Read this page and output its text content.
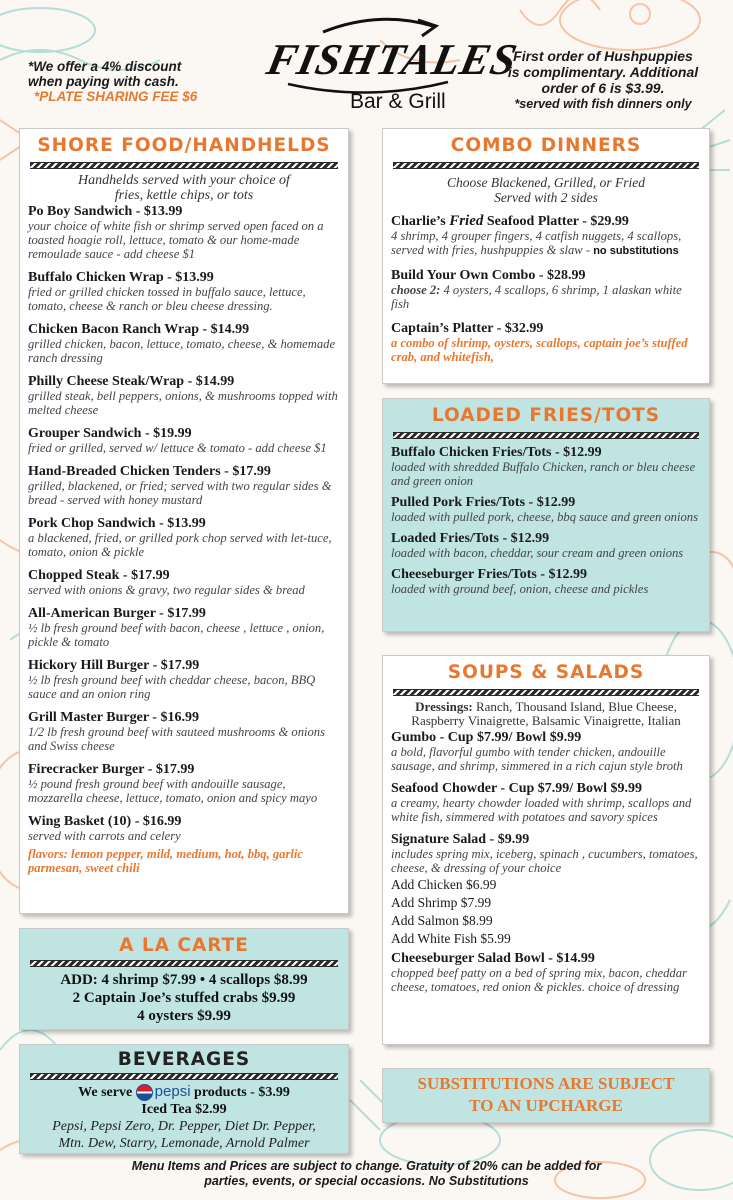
*We offer a 4% discount
when paying with cash.
*PLATE SHARING FEE $6
FISHTALES
Bar & Grill
First order of Hushpuppies
is complimentary. Additional
order of 6 is $3.99.
*served with fish dinners only
SHORE FOOD/HANDHELDS
Handhelds served with your choice of
fries, kettle chips, or tots
Po Boy Sandwich - $13.99
your choice of white fish or shrimp served open faced on a toasted hoagie roll, lettuce, tomato & our home-made remoulade sauce - add cheese $1
Buffalo Chicken Wrap - $13.99
fried or grilled chicken tossed in buffalo sauce, lettuce, tomato, cheese & ranch or bleu cheese dressing.
Chicken Bacon Ranch Wrap - $14.99
grilled chicken, bacon, lettuce, tomato, cheese, & homemade ranch dressing
Philly Cheese Steak/Wrap - $14.99
grilled steak, bell peppers, onions, & mushrooms topped with melted cheese
Grouper Sandwich - $19.99
fried or grilled, served w/ lettuce & tomato - add cheese $1
Hand-Breaded Chicken Tenders - $17.99
grilled, blackened, or fried; served with two regular sides & bread - served with honey mustard
Pork Chop Sandwich - $13.99
a blackened, fried, or grilled pork chop served with let-tuce, tomato, onion & pickle
Chopped Steak - $17.99
served with onions & gravy, two regular sides & bread
All-American Burger - $17.99
½ lb fresh ground beef with bacon, cheese , lettuce , onion, pickle & tomato
Hickory Hill Burger - $17.99
½ lb fresh ground beef with cheddar cheese, bacon, BBQ sauce and an onion ring
Grill Master Burger - $16.99
1/2 lb fresh ground beef with sauteed mushrooms & onions and Swiss cheese
Firecracker Burger - $17.99
½ pound fresh ground beef with andouille sausage, mozzarella cheese, lettuce, tomato, onion and spicy mayo
Wing Basket (10) - $16.99
served with carrots and celery
flavors: lemon pepper, mild, medium, hot, bbq, garlic parmesan, sweet chili
COMBO DINNERS
Choose Blackened, Grilled, or Fried
Served with 2 sides
Charlie’s Fried Seafood Platter - $29.99
4 shrimp, 4 grouper fingers, 4 catfish nuggets, 4 scallops, served with fries, hushpuppies & slaw - no substitutions
Build Your Own Combo - $28.99
choose 2: 4 oysters, 4 scallops, 6 shrimp, 1 alaskan white fish
Captain’s Platter - $32.99
a combo of shrimp, oysters, scallops, captain joe’s stuffed crab, and whitefish,
LOADED FRIES/TOTS
Buffalo Chicken Fries/Tots - $12.99
loaded with shredded Buffalo Chicken, ranch or bleu cheese and green onion
Pulled Pork Fries/Tots - $12.99
loaded with pulled pork, cheese, bbq sauce and green onions
Loaded Fries/Tots - $12.99
loaded with bacon, cheddar, sour cream and green onions
Cheeseburger Fries/Tots - $12.99
loaded with ground beef, onion, cheese and pickles
SOUPS & SALADS
Dressings: Ranch, Thousand Island, Blue Cheese,
Raspberry Vinaigrette, Balsamic Vinaigrette, Italian
Gumbo - Cup $7.99/ Bowl $9.99
a bold, flavorful gumbo with tender chicken, andouille sausage, and shrimp, simmered in a rich cajun style broth
Seafood Chowder - Cup $7.99/ Bowl $9.99
a creamy, hearty chowder loaded with shrimp, scallops and white fish, simmered with potatoes and savory spices
Signature Salad - $9.99
includes spring mix, iceberg, spinach , cucumbers, tomatoes, cheese, & dressing of your choice
Add Chicken $6.99
Add Shrimp $7.99
Add Salmon $8.99
Add White Fish $5.99
Cheeseburger Salad Bowl - $14.99
chopped beef patty on a bed of spring mix, bacon, cheddar cheese, tomatoes, red onion & pickles. choice of dressing
A LA CARTE
ADD: 4 shrimp $7.99 • 4 scallops $8.99
2 Captain Joe’s stuffed crabs $9.99
4 oysters $9.99
BEVERAGES
We serve pepsi products - $3.99
Iced Tea $2.99
Pepsi, Pepsi Zero, Dr. Pepper, Diet Dr. Pepper,
Mtn. Dew, Starry, Lemonade, Arnold Palmer
SUBSTITUTIONS ARE SUBJECT
TO AN UPCHARGE
Menu Items and Prices are subject to change. Gratuity of 20% can be added for
parties, events, or special occasions. No Substitutions
